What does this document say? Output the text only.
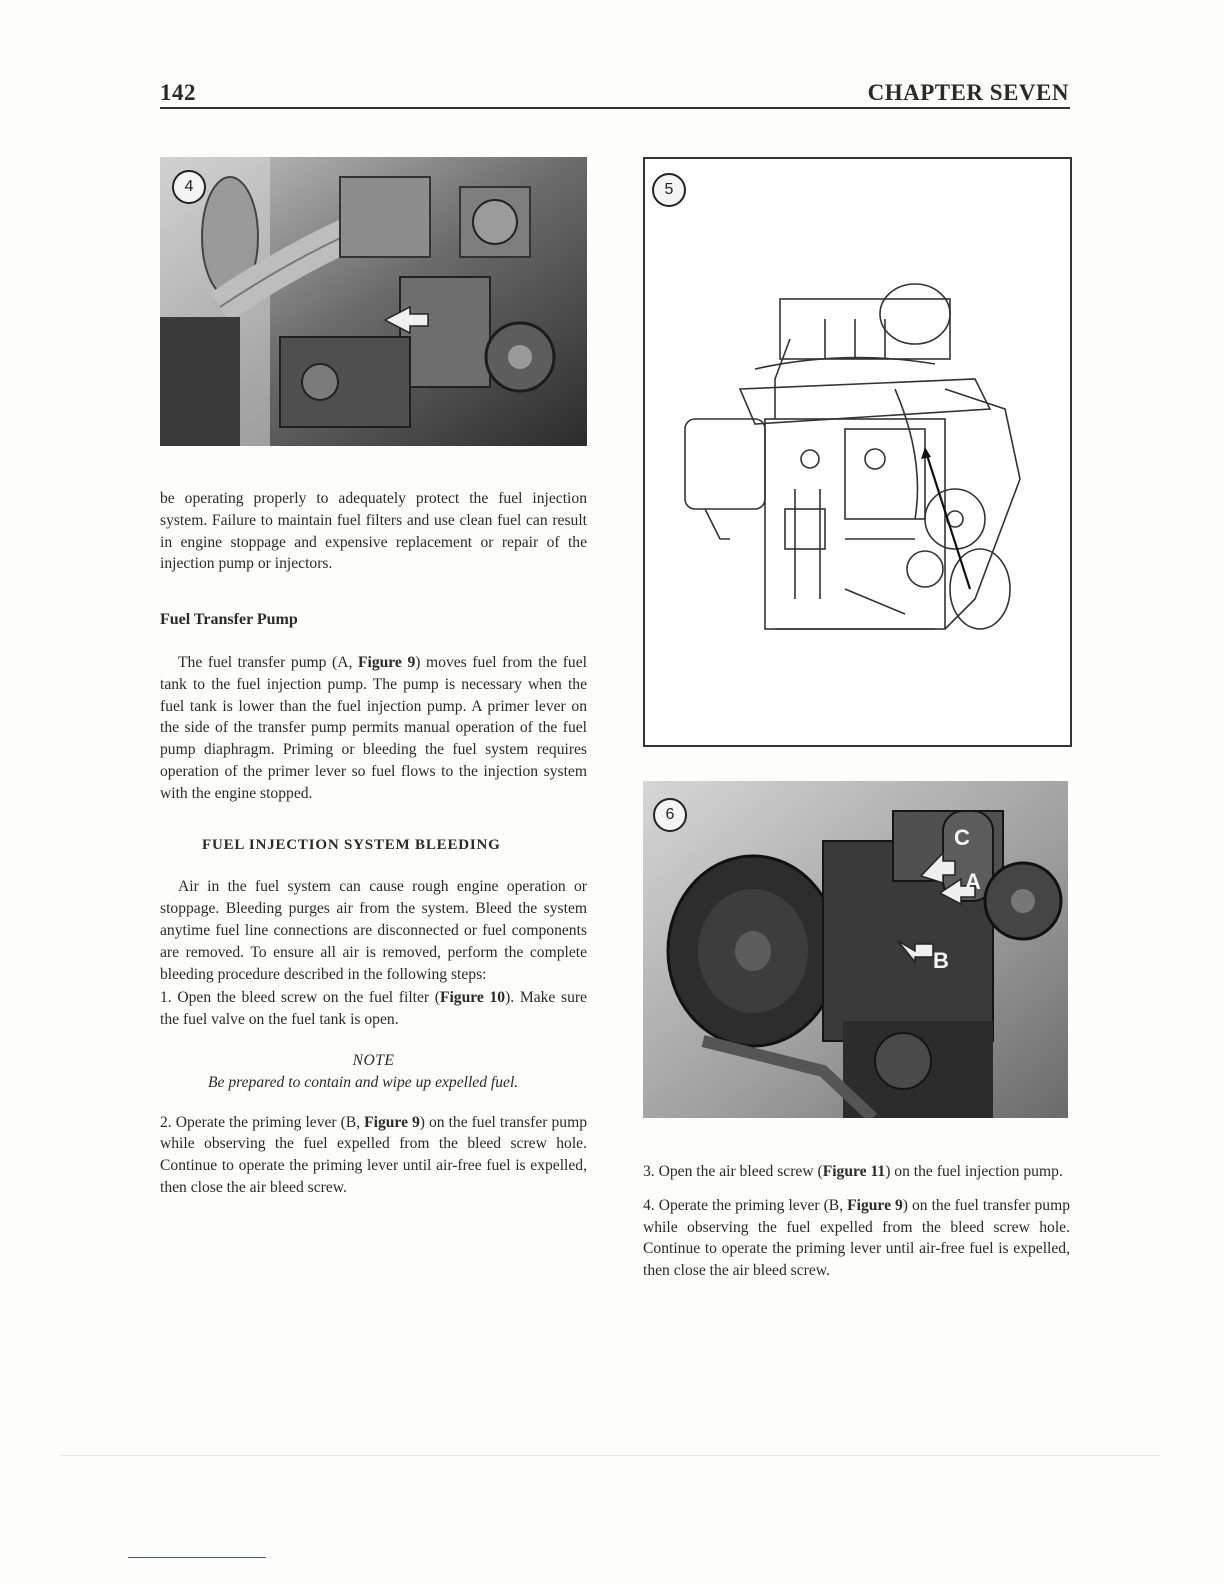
142	CHAPTER SEVEN
4	5
6
C
A
B

be operating properly to adequately protect the fuel injection system. Failure to maintain fuel filters and use clean fuel can result in engine stoppage and expensive replacement or repair of the injection pump or injectors.

Fuel Transfer Pump

The fuel transfer pump (A, Figure 9) moves fuel from the fuel tank to the fuel injection pump. The pump is necessary when the fuel tank is lower than the fuel injection pump. A primer lever on the side of the transfer pump permits manual operation of the fuel pump diaphragm. Priming or bleeding the fuel system requires operation of the primer lever so fuel flows to the injection system with the engine stopped.

FUEL INJECTION SYSTEM BLEEDING

Air in the fuel system can cause rough engine operation or stoppage. Bleeding purges air from the system. Bleed the system anytime fuel line connections are disconnected or fuel components are removed. To ensure all air is removed, perform the complete bleeding procedure described in the following steps:

1. Open the bleed screw on the fuel filter (Figure 10). Make sure the fuel valve on the fuel tank is open.

NOTE
Be prepared to contain and wipe up expelled fuel.

2. Operate the priming lever (B, Figure 9) on the fuel transfer pump while observing the fuel expelled from the bleed screw hole. Continue to operate the priming lever until air-free fuel is expelled, then close the air bleed screw.

3. Open the air bleed screw (Figure 11) on the fuel injection pump.

4. Operate the priming lever (B, Figure 9) on the fuel transfer pump while observing the fuel expelled from the bleed screw hole. Continue to operate the priming lever until air-free fuel is expelled, then close the air bleed screw.
